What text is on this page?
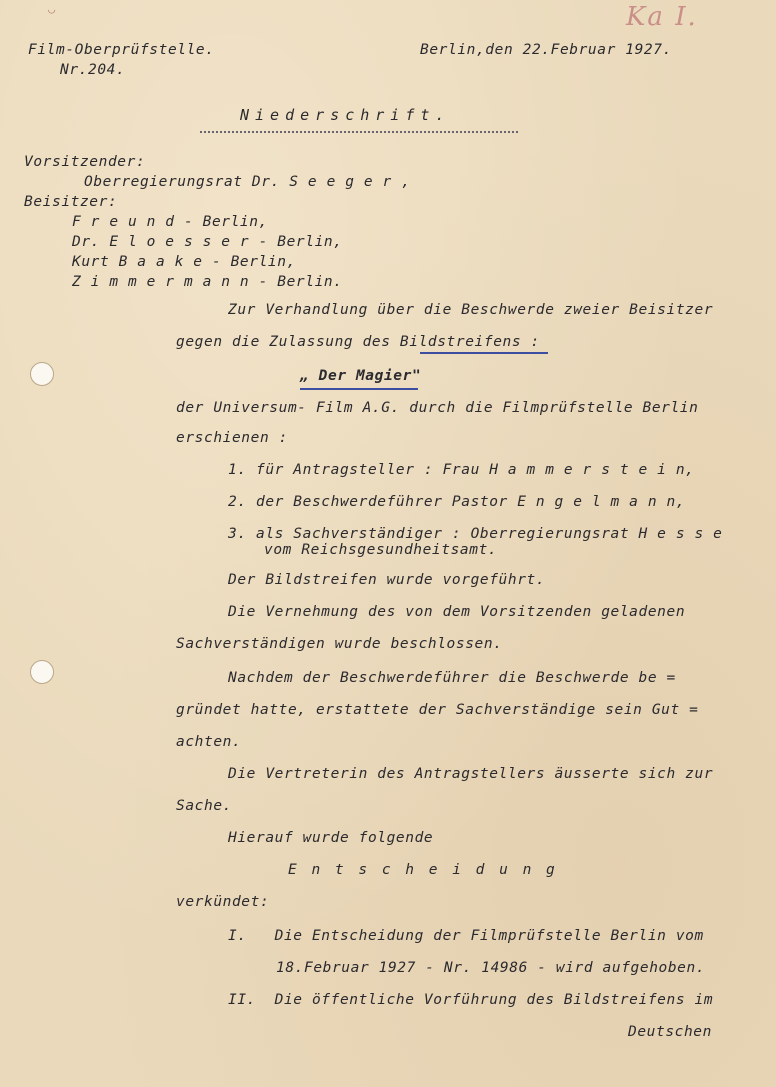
◡	Ka I.
Film-Oberprüfstelle.
Nr.204.
Berlin,den 22.Februar 1927.
Niederschrift.
Vorsitzender:
Oberregierungsrat Dr. S e e g e r ,
Beisitzer:
F r e u n d - Berlin,
Dr. E l o e s s e r - Berlin,
Kurt B a a k e - Berlin,
Z i m m e r m a n n - Berlin.
Zur Verhandlung über die Beschwerde zweier Beisitzer
gegen die Zulassung des Bildstreifens :
„ Der Magier"
der Universum- Film A.G. durch die Filmprüfstelle Berlin
erschienen :
1. für Antragsteller : Frau H a m m e r s t e i n,
2. der Beschwerdeführer Pastor E n g e l m a n n,
3. als Sachverständiger : Oberregierungsrat H e s s e
vom Reichsgesundheitsamt.
Der Bildstreifen wurde vorgeführt.
Die Vernehmung des von dem Vorsitzenden geladenen
Sachverständigen wurde beschlossen.
Nachdem der Beschwerdeführer die Beschwerde be =
gründet hatte, erstattete der Sachverständige sein Gut =
achten.
Die Vertreterin des Antragstellers äusserte sich zur
Sache.
Hierauf wurde folgende
E n t s c h e i d u n g
verkündet:
I.   Die Entscheidung der Filmprüfstelle Berlin vom
18.Februar 1927 - Nr. 14986 - wird aufgehoben.
II.  Die öffentliche Vorführung des Bildstreifens im
Deutschen
